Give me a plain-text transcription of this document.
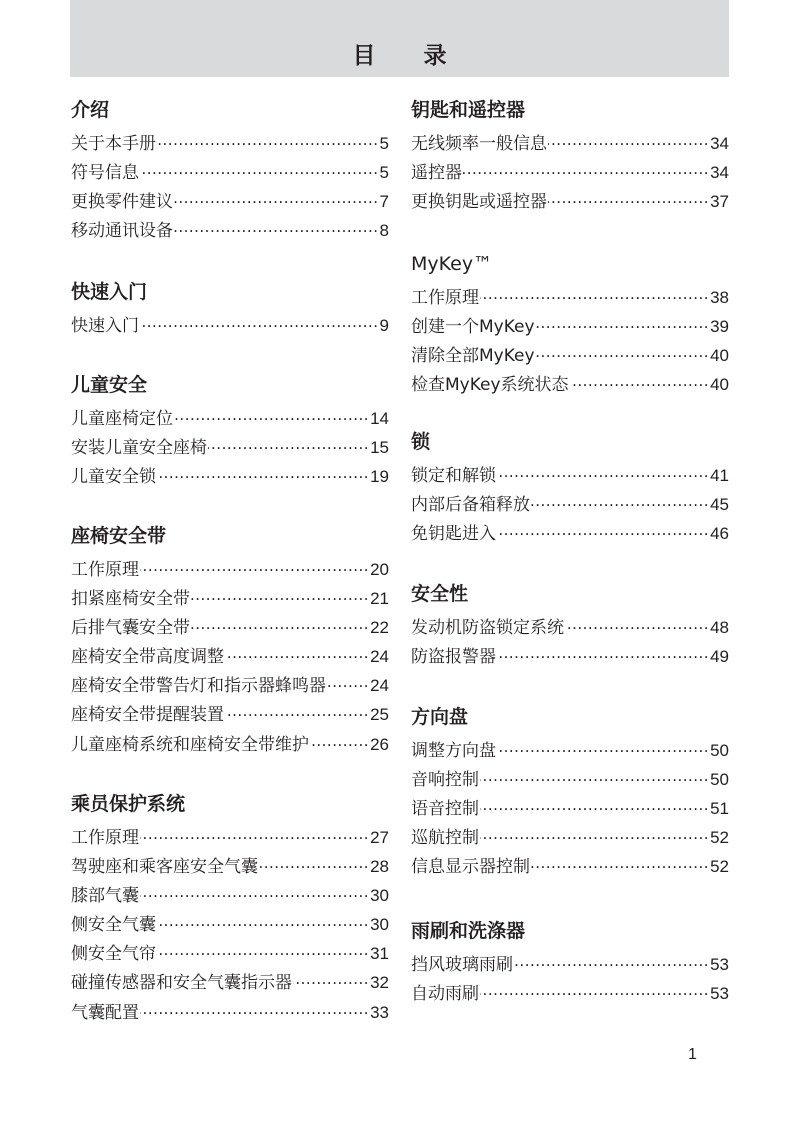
目 录
介绍
关于本手册 .....	5
符号信息 .....	5
更换零件建议 .....	7
移动通讯设备 .....	8
快速入门
快速入门 .....	9
儿童安全
儿童座椅定位 .....	14
安装儿童安全座椅 .....	15
儿童安全锁 .....	19
座椅安全带
工作原理 .....	20
扣紧座椅安全带 .....	21
后排气囊安全带 .....	22
座椅安全带高度调整 .....	24
座椅安全带警告灯和指示器蜂鸣器 .....	24
座椅安全带提醒装置 .....	25
儿童座椅系统和座椅安全带维护 .....	26
乘员保护系统
工作原理 .....	27
驾驶座和乘客座安全气囊 .....	28
膝部气囊 .....	30
侧安全气囊 .....	30
侧安全气帘 .....	31
碰撞传感器和安全气囊指示器 .....	32
气囊配置 .....	33
钥匙和遥控器
无线频率一般信息 .....	34
遥控器 .....	34
更换钥匙或遥控器 .....	37
MyKey™
工作原理 .....	38
创建一个MyKey .....	39
清除全部MyKey .....	40
检查MyKey系统状态 .....	40
锁
锁定和解锁 .....	41
内部后备箱释放 .....	45
免钥匙进入 .....	46
安全性
发动机防盗锁定系统 .....	48
防盗报警器 .....	49
方向盘
调整方向盘 .....	50
音响控制 .....	50
语音控制 .....	51
巡航控制 .....	52
信息显示器控制 .....	52
雨刷和洗涤器
挡风玻璃雨刷 .....	53
自动雨刷 .....	53
1
